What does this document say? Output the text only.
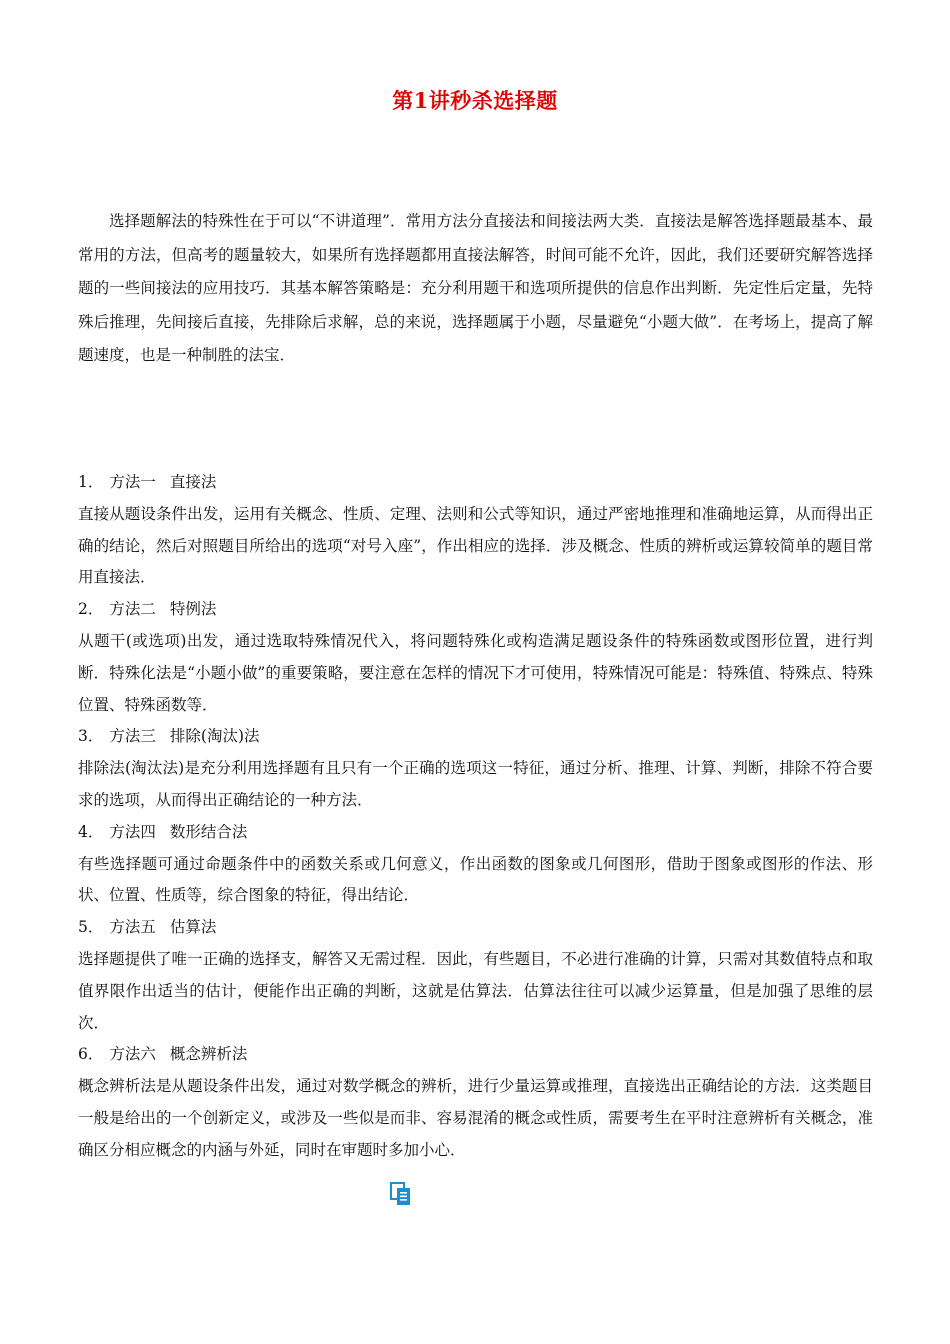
第1讲秒杀选择题

选择题解法的特殊性在于可以“不讲道理”．常用方法分直接法和间接法两大类．直接法是解答选择题最基本、最常用的方法，但高考的题量较大，如果所有选择题都用直接法解答，时间可能不允许，因此，我们还要研究解答选择题的一些间接法的应用技巧．其基本解答策略是：充分利用题干和选项所提供的信息作出判断．先定性后定量，先特殊后推理，先间接后直接，先排除后求解，总的来说，选择题属于小题，尽量避免“小题大做”．在考场上，提高了解题速度，也是一种制胜的法宝．

1． 方法一 直接法

直接从题设条件出发，运用有关概念、性质、定理、法则和公式等知识，通过严密地推理和准确地运算，从而得出正确的结论，然后对照题目所给出的选项“对号入座”，作出相应的选择．涉及概念、性质的辨析或运算较简单的题目常用直接法．

2． 方法二 特例法

从题干(或选项)出发，通过选取特殊情况代入，将问题特殊化或构造满足题设条件的特殊函数或图形位置，进行判断．特殊化法是“小题小做”的重要策略，要注意在怎样的情况下才可使用，特殊情况可能是：特殊值、特殊点、特殊位置、特殊函数等．

3． 方法三 排除(淘汰)法

排除法(淘汰法)是充分利用选择题有且只有一个正确的选项这一特征，通过分析、推理、计算、判断，排除不符合要求的选项，从而得出正确结论的一种方法．

4． 方法四 数形结合法

有些选择题可通过命题条件中的函数关系或几何意义，作出函数的图象或几何图形，借助于图象或图形的作法、形状、位置、性质等，综合图象的特征，得出结论．

5． 方法五 估算法

选择题提供了唯一正确的选择支，解答又无需过程．因此，有些题目，不必进行准确的计算，只需对其数值特点和取值界限作出适当的估计，便能作出正确的判断，这就是估算法．估算法往往可以减少运算量，但是加强了思维的层次．

6． 方法六 概念辨析法

概念辨析法是从题设条件出发，通过对数学概念的辨析，进行少量运算或推理，直接选出正确结论的方法．这类题目一般是给出的一个创新定义，或涉及一些似是而非、容易混淆的概念或性质，需要考生在平时注意辨析有关概念，准确区分相应概念的内涵与外延，同时在审题时多加小心．
